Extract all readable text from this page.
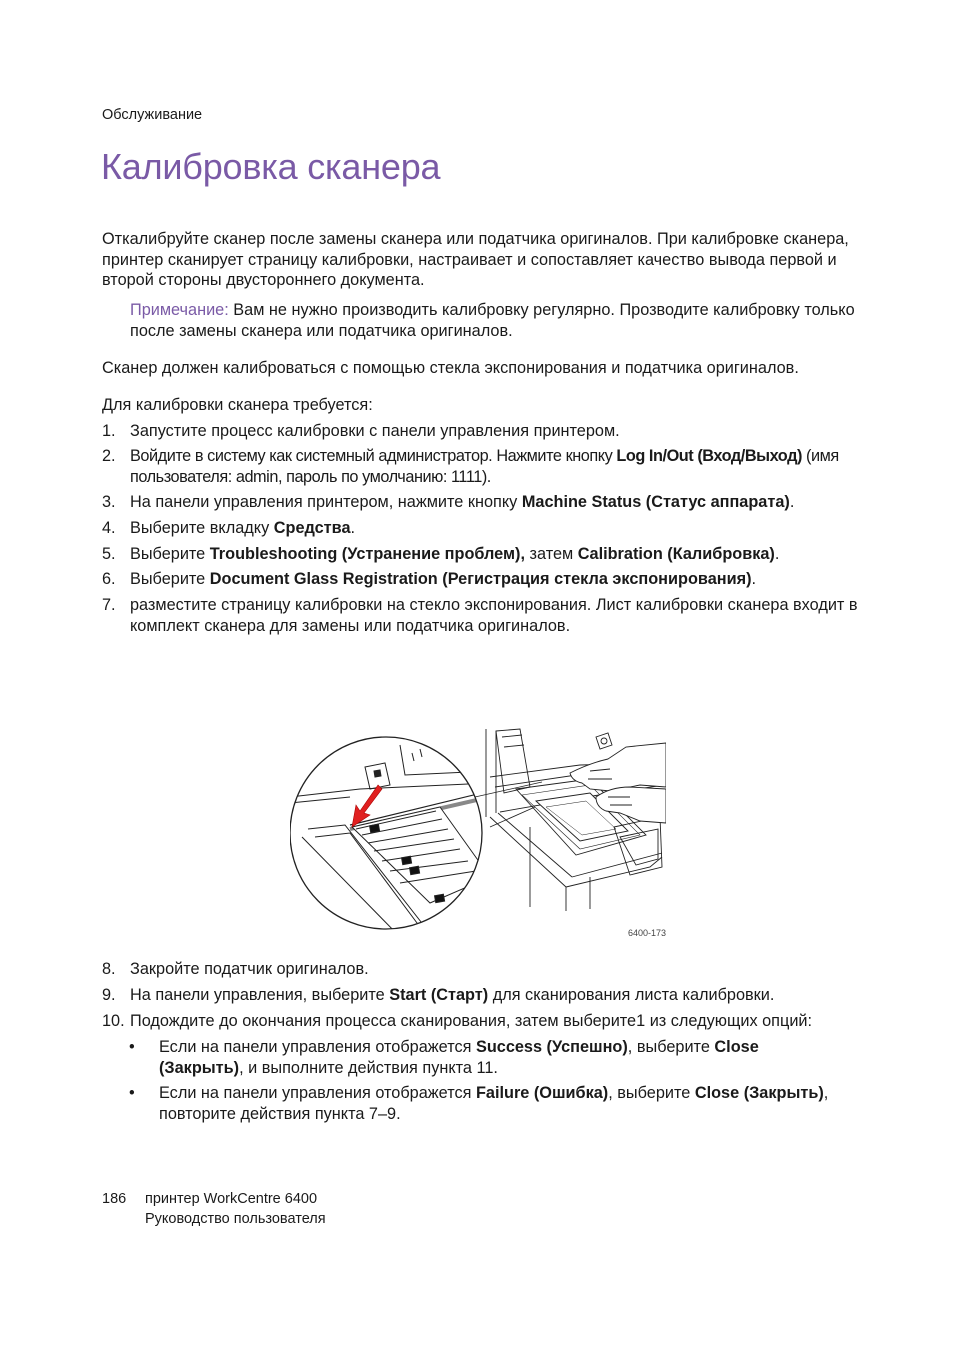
Обслуживание
Калибровка сканера

Откалибруйте сканер после замены сканера или податчика оригиналов. При калибровке сканера, принтер сканирует страницу калибровки, настраивает и сопоставляет качество вывода первой и второй стороны двустороннего документа.

Примечание: Вам не нужно производить калибровку регулярно. Прозводите калибровку только после замены сканера или податчика оригиналов.

Сканер должен калиброваться с помощью стекла экспонирования и податчика оригиналов.

Для калибровки сканера требуется:

1. Запустите процесс калибровки с панели управления принтером.
2. Войдите в систему как системный администратор. Нажмите кнопку Log In/Out (Вход/Выход) (имя пользователя: admin, пароль по умолчанию: 1111).
3. На панели управления принтером, нажмите кнопку Machine Status (Статус аппарата).
4. Выберите вкладку Средства.
5. Выберите Troubleshooting (Устранение проблем), затем Calibration (Калибровка).
6. Выберите Document Glass Registration (Регистрация стекла экспонирования).
7. разместите страницу калибровки на стекло экспонирования. Лист калибровки сканера входит в комплект сканера для замены или податчика оригиналов.
6400-173
8. Закройте податчик оригиналов.
9. На панели управления, выберите Start (Старт) для сканирования листа калибровки.
10. Подождите до окончания процесса сканирования, затем выберите1 из следующих опций:
• Если на панели управления отображется Success (Успешно), выберите Close (Закрыть), и выполните действия пункта 11.
• Если на панели управления отображется Failure (Ошибка), выберите Close (Закрыть), повторите действия пункта 7–9.
186 принтер WorkCentre 6400
Руководство пользователя
